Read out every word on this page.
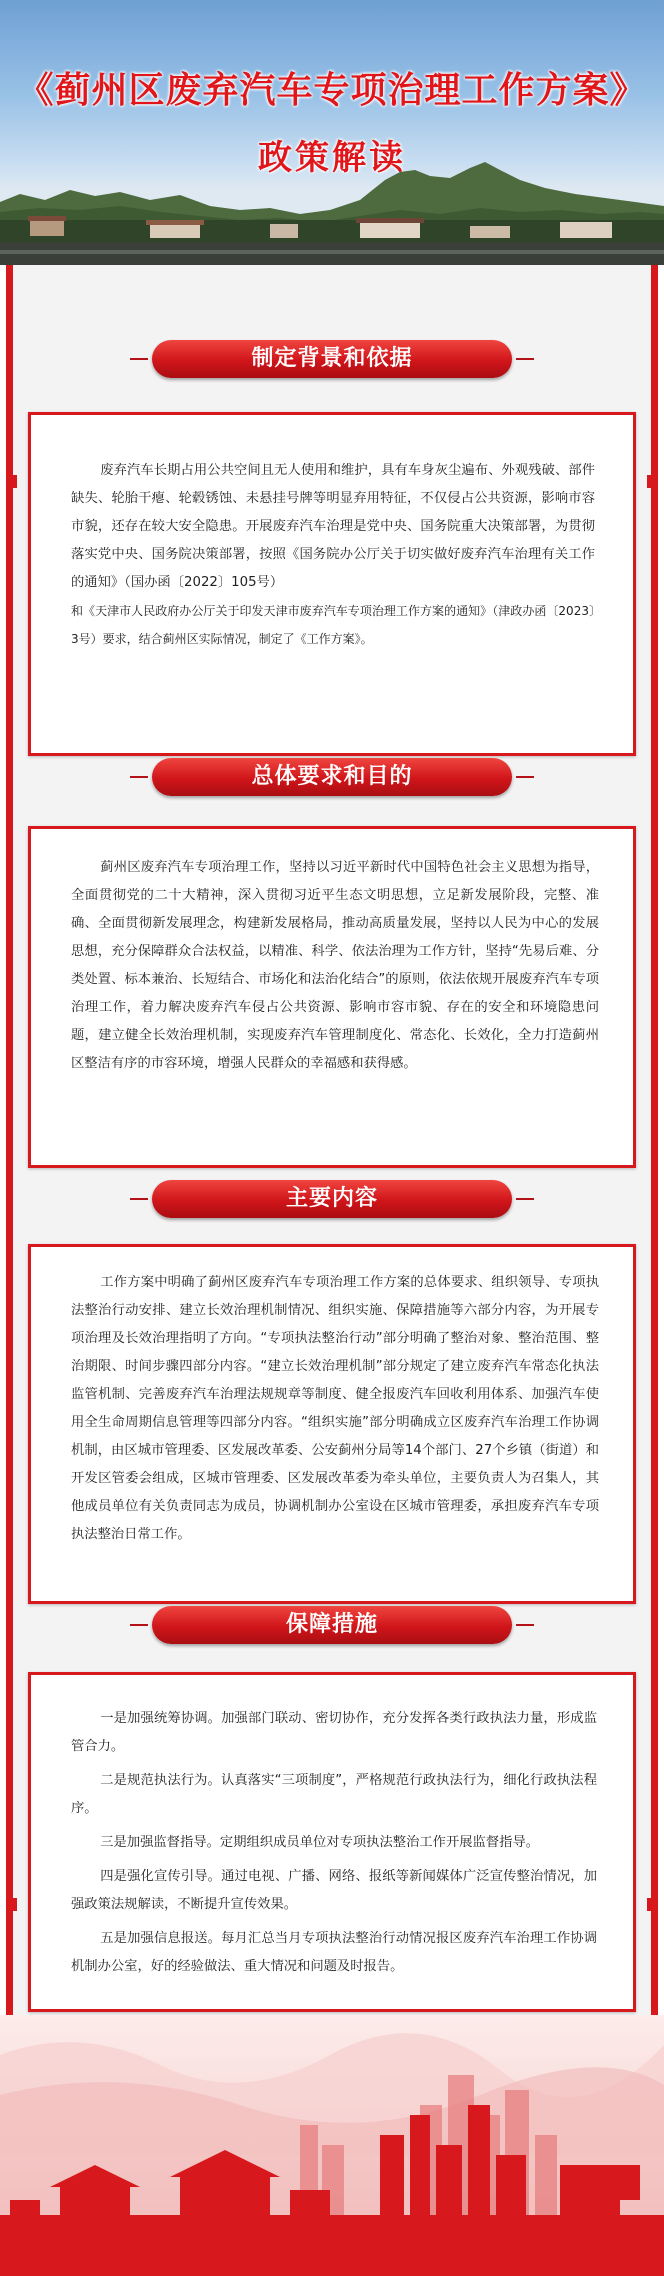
《蓟州区废弃汽车专项治理工作方案》
政策解读
制定背景和依据

废弃汽车长期占用公共空间且无人使用和维护，具有车身灰尘遍布、外观残破、部件缺失、轮胎干瘪、轮毂锈蚀、未悬挂号牌等明显弃用特征，不仅侵占公共资源，影响市容市貌，还存在较大安全隐患。开展废弃汽车治理是党中央、国务院重大决策部署，为贯彻落实党中央、国务院决策部署，按照《国务院办公厅关于切实做好废弃汽车治理有关工作的通知》（国办函〔2022〕105号）

和《天津市人民政府办公厅关于印发天津市废弃汽车专项治理工作方案的通知》（津政办函〔2023〕3号）要求，结合蓟州区实际情况，制定了《工作方案》。

总体要求和目的

蓟州区废弃汽车专项治理工作，坚持以习近平新时代中国特色社会主义思想为指导，全面贯彻党的二十大精神，深入贯彻习近平生态文明思想，立足新发展阶段，完整、准确、全面贯彻新发展理念，构建新发展格局，推动高质量发展，坚持以人民为中心的发展思想，充分保障群众合法权益，以精准、科学、依法治理为工作方针，坚持“先易后难、分类处置、标本兼治、长短结合、市场化和法治化结合”的原则，依法依规开展废弃汽车专项治理工作，着力解决废弃汽车侵占公共资源、影响市容市貌、存在的安全和环境隐患问题，建立健全长效治理机制，实现废弃汽车管理制度化、常态化、长效化，全力打造蓟州区整洁有序的市容环境，增强人民群众的幸福感和获得感。

主要内容

工作方案中明确了蓟州区废弃汽车专项治理工作方案的总体要求、组织领导、专项执法整治行动安排、建立长效治理机制情况、组织实施、保障措施等六部分内容，为开展专项治理及长效治理指明了方向。“专项执法整治行动”部分明确了整治对象、整治范围、整治期限、时间步骤四部分内容。“建立长效治理机制”部分规定了建立废弃汽车常态化执法监管机制、完善废弃汽车治理法规规章等制度、健全报废汽车回收利用体系、加强汽车使用全生命周期信息管理等四部分内容。“组织实施”部分明确成立区废弃汽车治理工作协调机制，由区城市管理委、区发展改革委、公安蓟州分局等14个部门、27个乡镇（街道）和开发区管委会组成，区城市管理委、区发展改革委为牵头单位，主要负责人为召集人，其他成员单位有关负责同志为成员，协调机制办公室设在区城市管理委，承担废弃汽车专项执法整治日常工作。

保障措施

一是加强统筹协调。加强部门联动、密切协作，充分发挥各类行政执法力量，形成监管合力。

二是规范执法行为。认真落实“三项制度”，严格规范行政执法行为，细化行政执法程序。

三是加强监督指导。定期组织成员单位对专项执法整治工作开展监督指导。

四是强化宣传引导。通过电视、广播、网络、报纸等新闻媒体广泛宣传整治情况，加强政策法规解读，不断提升宣传效果。

五是加强信息报送。每月汇总当月专项执法整治行动情况报区废弃汽车治理工作协调机制办公室，好的经验做法、重大情况和问题及时报告。
